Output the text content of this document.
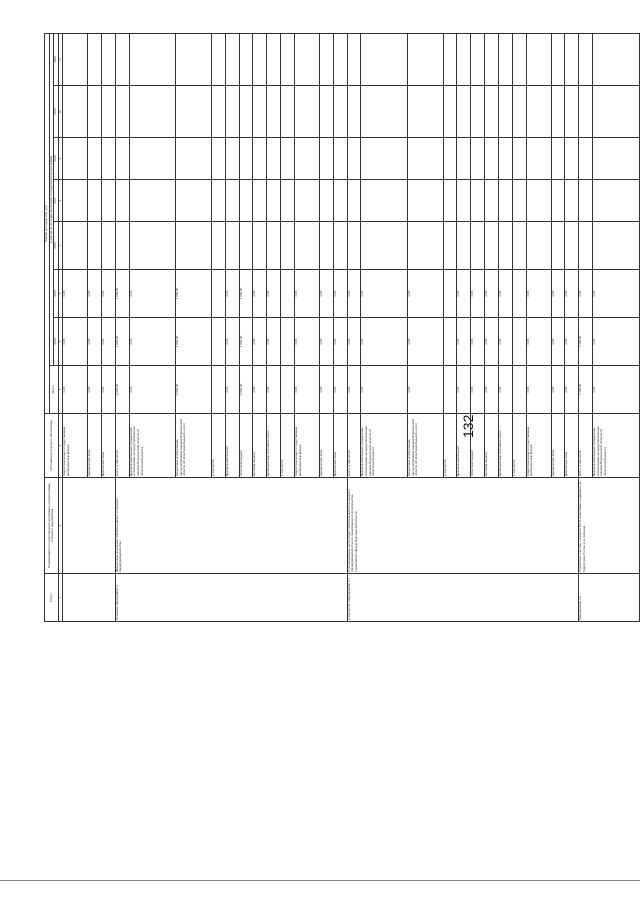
132
Статус	Наименование государственной программы, подпрограммы, основного мероприятия	Источники ресурсного обеспечения	Оценка расходов, тыс. руб.							
			Всего	в том числе по годам реализации государственной программы						
				2014	2015	2016	2017	2018	2019	2020
1	2	3	4	5	6	7	8	9	10	11
		территориальные государственные внебюджетные фонды	0,00	0,00	0,00					
		юридические лица	0,00	0,00	0,00					
		физические лица	0,00	0,00	0,00					
Основное мероприятие 3	Финансовая поддержка субъектов малого и среднего предпринимательства.	всего, в том числе:	2 820,00	1 820,00	1 000,00					
		федеральный бюджет (бюджетные ассигнования, не предусмотренные законом Воронежской области об областном бюджете)	0,00	0,00	0,00					
		бюджетные ассигнования, предусмотренные законом Воронежской области об областном бюджете, всего	2 820,00	1 820,00	1 000,00					
		в том числе:								
		федеральный бюджет	0,00	0,00	0,00					
		областной бюджет	2 820,00	1 820,00	1 000,00					
		местный бюджет	0,00	0,00	0,00					
		внебюджетные источники, всего	0,00	0,00	0,00					
		в том числе:								
		территориальные государственные внебюджетные фонды	0,00	0,00	0,00					
		юридические лица	0,00	0,00	0,00					
		физические лица	0,00	0,00	0,00					
в том числе: Мероприятие 3.1	Субсидирование части затрат субъектов малого и среднего предпринимательства по привлечению поручительства Гарантийного фонда Воронежской области	всего, в том числе:	0,00	0,00	0,00					
		федеральный бюджет (бюджетные ассигнования, не предусмотренные законом Воронежской области об областном бюджете)	0,00	0,00	0,00					
		бюджетные ассигнования, предусмотренные законом Воронежской области об областном бюджете, всего	0,00	0,00	0,00					
		в том числе:								
		федеральный бюджет	0,00	0,00	0,00					
		областной бюджет	0,00	0,00	0,00					
		местный бюджет	0,00	0,00	0,00					
		внебюджетные источники, всего	0,00	0,00	0,00					
		в том числе:								
		территориальные государственные внебюджетные фонды	0,00	0,00	0,00					
		юридические лица	0,00	0,00	0,00					
		физические лица	0,00	0,00	0,00					
Мероприятие 3.2	Содействие участию субъектов МСП в выставках и ярмарках на территории России и за рубежом	всего, в том числе:	1 500,00	1 500,00	0,00					
		федеральный бюджет (бюджетные ассигнования, не предусмотренные законом Воронежской области об областном бюджете)	0,00	0,00	0,00					
